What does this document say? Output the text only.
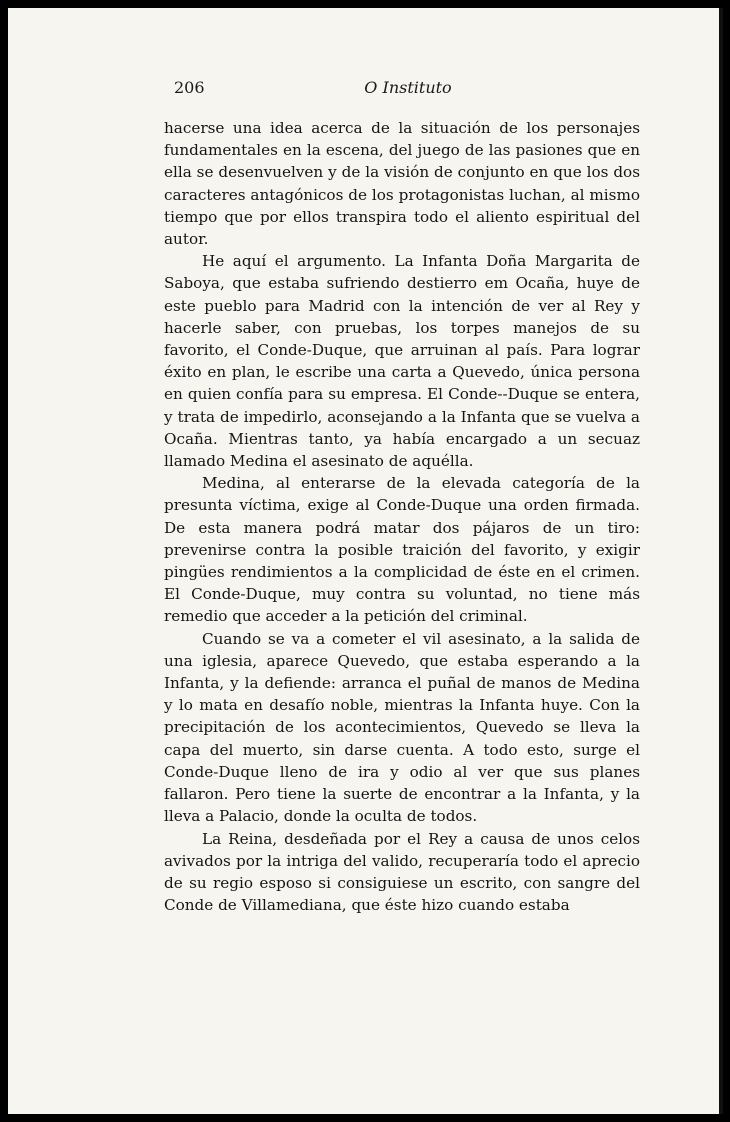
206	O Instituto

hacerse una idea acerca de la situación de los personajes fundamentales en la escena, del juego de las pasiones que en ella se desenvuelven y de la visión de conjunto en que los dos caracteres antagónicos de los protagonistas luchan, al mismo tiempo que por ellos transpira todo el aliento espiritual del autor.

He aquí el argumento. La Infanta Doña Margarita de Saboya, que estaba sufriendo destierro em Ocaña, huye de este pueblo para Madrid con la intención de ver al Rey y hacerle saber, con pruebas, los torpes manejos de su favorito, el Conde-Duque, que arruinan al país. Para lograr éxito en plan, le escribe una carta a Quevedo, única persona en quien confía para su empresa. El Conde--Duque se entera, y trata de impedirlo, aconsejando a la Infanta que se vuelva a Ocaña. Mientras tanto, ya había encargado a un secuaz llamado Medina el asesinato de aquélla.

Medina, al enterarse de la elevada categoría de la presunta víctima, exige al Conde-Duque una orden firmada. De esta manera podrá matar dos pájaros de un tiro: prevenirse contra la posible traición del favorito, y exigir pingües rendimientos a la complicidad de éste en el crimen. El Conde-Duque, muy contra su voluntad, no tiene más remedio que acceder a la petición del criminal.

Cuando se va a cometer el vil asesinato, a la salida de una iglesia, aparece Quevedo, que estaba esperando a la Infanta, y la defiende: arranca el puñal de manos de Medina y lo mata en desafío noble, mientras la Infanta huye. Con la precipitación de los acontecimientos, Quevedo se lleva la capa del muerto, sin darse cuenta. A todo esto, surge el Conde-Duque lleno de ira y odio al ver que sus planes fallaron. Pero tiene la suerte de encontrar a la Infanta, y la lleva a Palacio, donde la oculta de todos.

La Reina, desdeñada por el Rey a causa de unos celos avivados por la intriga del valido, recuperaría todo el aprecio de su regio esposo si consiguiese un escrito, con sangre del Conde de Villamediana, que éste hizo cuando estaba
